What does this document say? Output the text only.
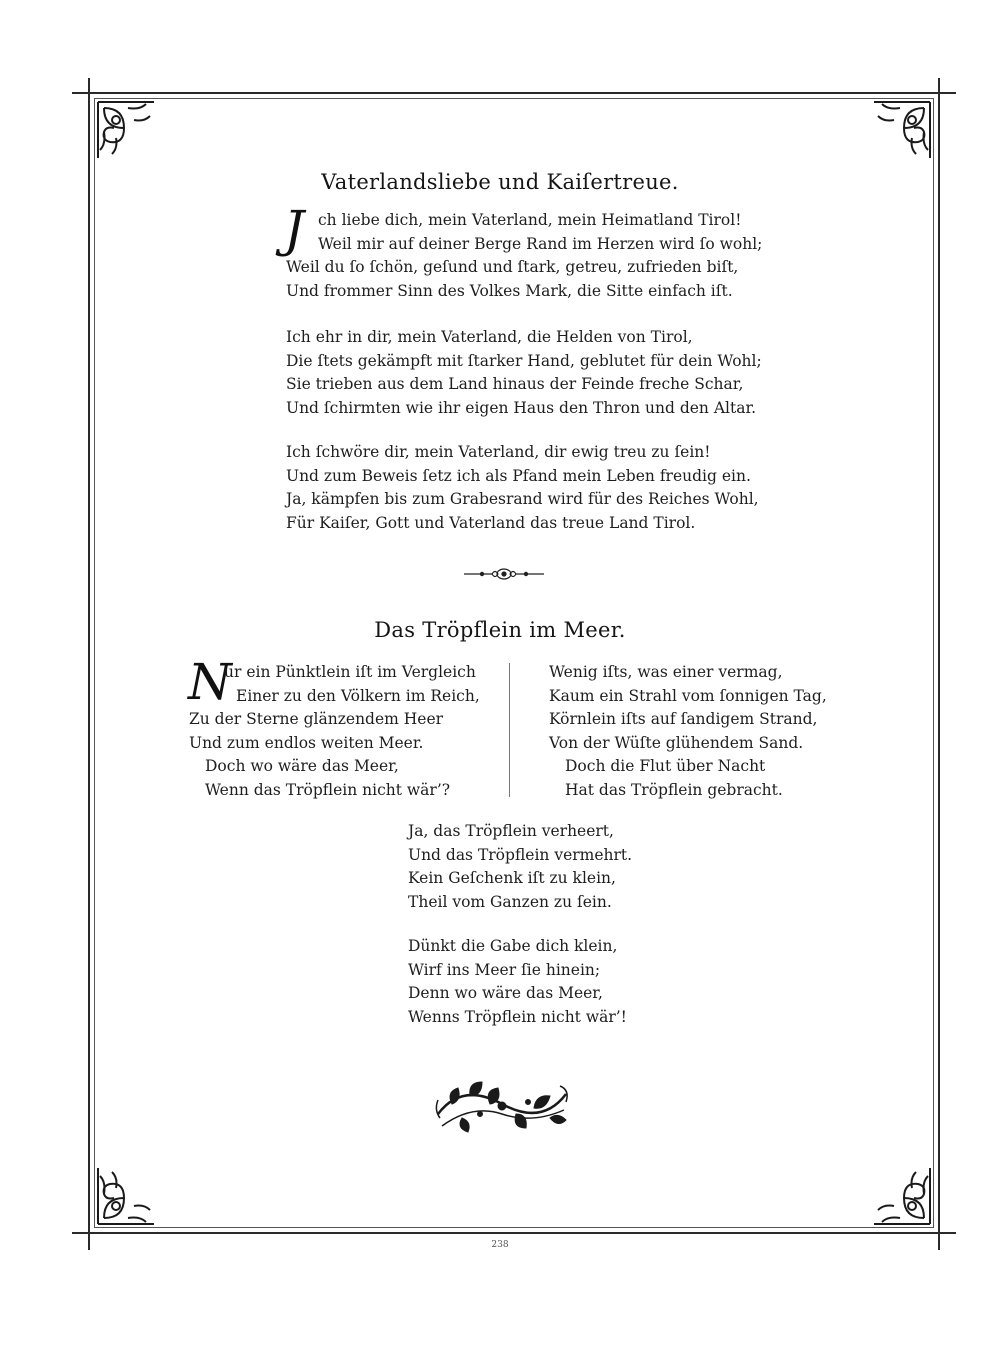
Vaterlandsliebe und Kaiſertreue.
J ch liebe dich, mein Vaterland, mein Heimatland Tirol!
Weil mir auf deiner Berge Rand im Herzen wird ſo wohl;
Weil du ſo ſchön, geſund und ſtark, getreu, zufrieden biſt,
Und frommer Sinn des Volkes Mark, die Sitte einfach iſt.
Ich ehr in dir, mein Vaterland, die Helden von Tirol,
Die ſtets gekämpft mit ſtarker Hand, geblutet für dein Wohl;
Sie trieben aus dem Land hinaus der Feinde freche Schar,
Und ſchirmten wie ihr eigen Haus den Thron und den Altar.
Ich ſchwöre dir, mein Vaterland, dir ewig treu zu ſein!
Und zum Beweis ſetz ich als Pfand mein Leben freudig ein.
Ja, kämpfen bis zum Grabesrand wird für des Reiches Wohl,
Für Kaiſer, Gott und Vaterland das treue Land Tirol.
Das Tröpflein im Meer.
N
ur ein Pünktlein iſt im Vergleich
Einer zu den Völkern im Reich,
Zu der Sterne glänzendem Heer
Und zum endlos weiten Meer.
Doch wo wäre das Meer,
Wenn das Tröpflein nicht wär’?
Wenig iſts, was einer vermag,
Kaum ein Strahl vom ſonnigen Tag,
Körnlein iſts auf ſandigem Strand,
Von der Wüſte glühendem Sand.
Doch die Flut über Nacht
Hat das Tröpflein gebracht.
Ja, das Tröpflein verheert,
Und das Tröpflein vermehrt.
Kein Geſchenk iſt zu klein,
Theil vom Ganzen zu ſein.
Dünkt die Gabe dich klein,
Wirf ins Meer ſie hinein;
Denn wo wäre das Meer,
Wenns Tröpflein nicht wär’!
238
